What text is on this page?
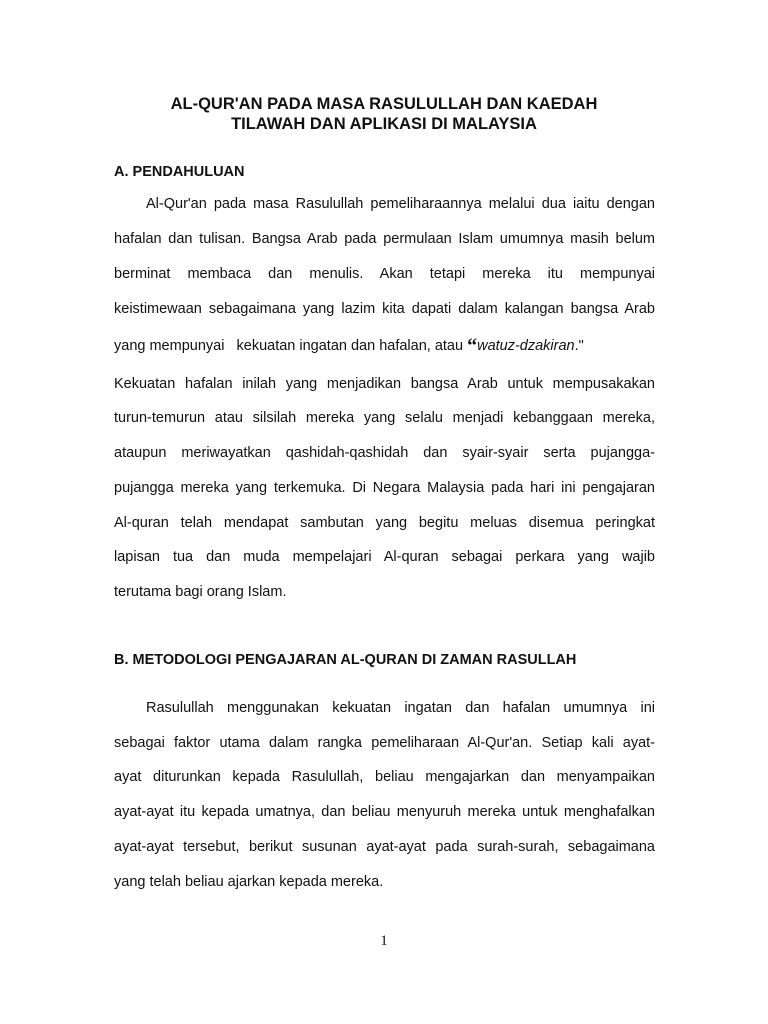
AL-QUR'AN PADA MASA RASULULLAH DAN KAEDAH
TILAWAH DAN APLIKASI DI MALAYSIA
A. PENDAHULUAN

Al-Qur'an pada masa Rasulullah pemeliharaannya melalui dua iaitu dengan

hafalan dan tulisan. Bangsa Arab pada permulaan Islam umumnya masih belum

berminat membaca dan menulis. Akan tetapi mereka itu mempunyai

keistimewaan sebagaimana yang lazim kita dapati dalam kalangan bangsa Arab

yang mempunyai   kekuatan ingatan dan hafalan, atau “watuz-dzakiran."

Kekuatan hafalan inilah yang menjadikan bangsa Arab untuk mempusakakan

turun-temurun atau silsilah mereka yang selalu menjadi kebanggaan mereka,

ataupun meriwayatkan qashidah-qashidah dan syair-syair serta pujangga-

pujangga mereka yang terkemuka. Di Negara Malaysia pada hari ini pengajaran

Al-quran telah mendapat sambutan yang begitu meluas disemua peringkat

lapisan tua dan muda mempelajari Al-quran sebagai perkara yang wajib

terutama bagi orang Islam.

B. METODOLOGI PENGAJARAN AL-QURAN DI ZAMAN RASULLAH

Rasulullah menggunakan kekuatan ingatan dan hafalan umumnya ini

sebagai faktor utama dalam rangka pemeliharaan Al-Qur'an. Setiap kali ayat-

ayat diturunkan kepada Rasulullah, beliau mengajarkan dan menyampaikan

ayat-ayat itu kepada umatnya, dan beliau menyuruh mereka untuk menghafalkan

ayat-ayat tersebut, berikut susunan ayat-ayat pada surah-surah, sebagaimana

yang telah beliau ajarkan kepada mereka.

1
